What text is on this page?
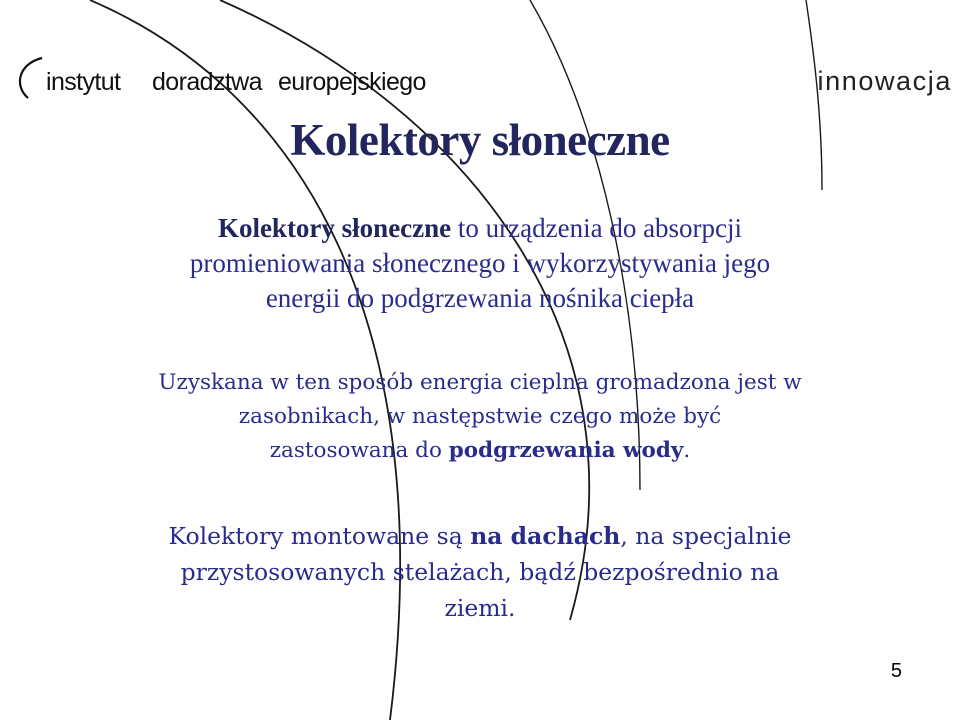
instytut doradztwa europejskiego	innowacja
Kolektory słoneczne
Kolektory słoneczne to urządzenia do absorpcji
promieniowania słonecznego i wykorzystywania jego
energii do podgrzewania nośnika ciepła
Uzyskana w ten sposób energia cieplna gromadzona jest w
zasobnikach, w następstwie czego może być
zastosowana do podgrzewania wody.
Kolektory montowane są na dachach, na specjalnie
przystosowanych stelażach, bądź bezpośrednio na
ziemi.
5
